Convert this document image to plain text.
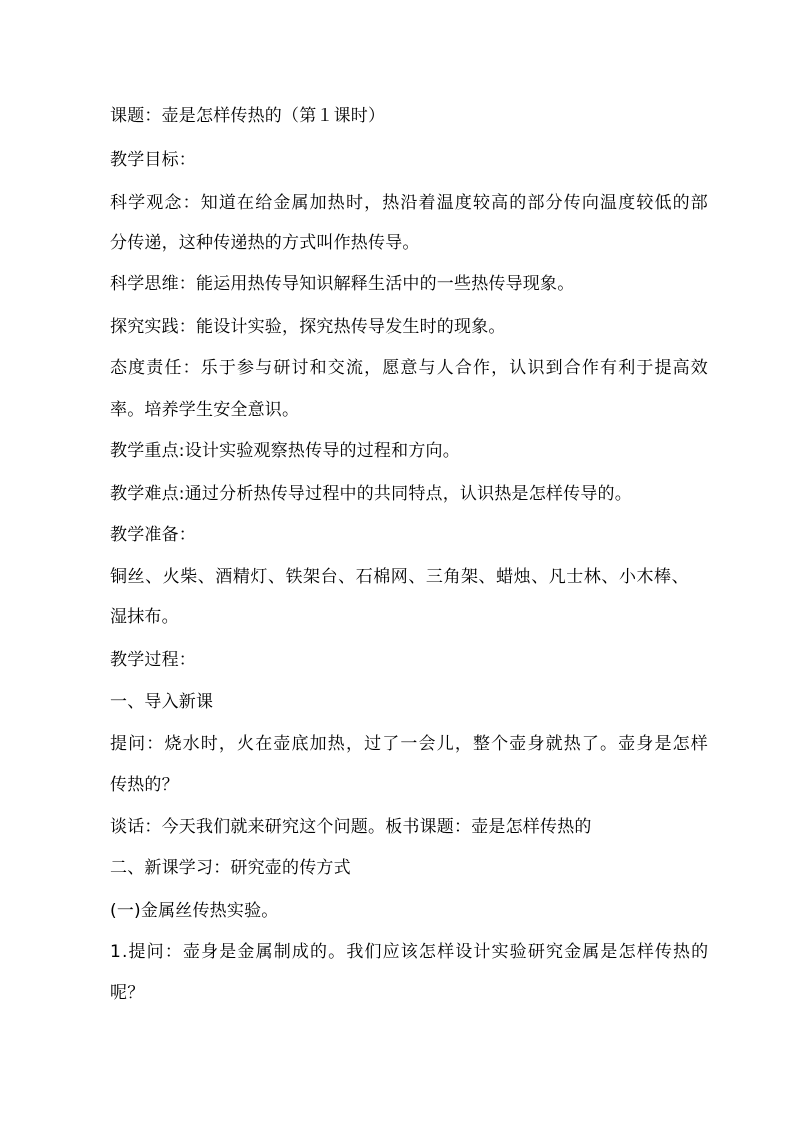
课题：壶是怎样传热的（第１课时）
教学目标：
科学观念：知道在给金属加热时，热沿着温度较高的部分传向温度较低的部
分传递，这种传递热的方式叫作热传导。
科学思维：能运用热传导知识解释生活中的一些热传导现象。
探究实践：能设计实验，探究热传导发生时的现象。
态度责任：乐于参与研讨和交流，愿意与人合作，认识到合作有利于提高效
率。培养学生安全意识。
教学重点:设计实验观察热传导的过程和方向。
教学难点:通过分析热传导过程中的共同特点，认识热是怎样传导的。
教学准备：
铜丝、火柴、酒精灯、铁架台、石棉网、三角架、蜡烛、凡士林、小木棒、
湿抹布。
教学过程：
一、导入新课
提问：烧水时，火在壶底加热，过了一会儿，整个壶身就热了。壶身是怎样
传热的？
谈话：今天我们就来研究这个问题。板书课题：壶是怎样传热的
二、新课学习：研究壶的传方式
(一)金属丝传热实验。
1.提问：壶身是金属制成的。我们应该怎样设计实验研究金属是怎样传热的
呢？
